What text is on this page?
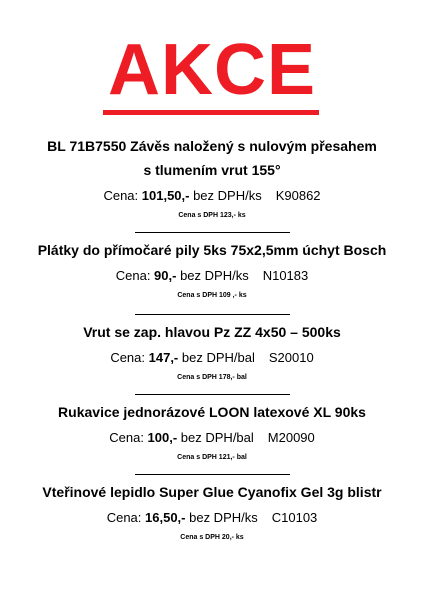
AKCE
BL 71B7550 Závěs naložený s nulovým přesahem
s tlumením vrut 155°
Cena: 101,50,- bez DPH/ks K90862
Cena s DPH 123,- ks
Plátky do přímočaré pily 5ks 75x2,5mm úchyt Bosch
Cena: 90,- bez DPH/ks N10183
Cena s DPH 109 ,- ks
Vrut se zap. hlavou Pz ZZ 4x50 – 500ks
Cena: 147,- bez DPH/bal S20010
Cena s DPH 178,- bal
Rukavice jednorázové LOON latexové XL 90ks
Cena: 100,- bez DPH/bal M20090
Cena s DPH 121,- bal
Vteřinové lepidlo Super Glue Cyanofix Gel 3g blistr
Cena: 16,50,- bez DPH/ks C10103
Cena s DPH 20,- ks
